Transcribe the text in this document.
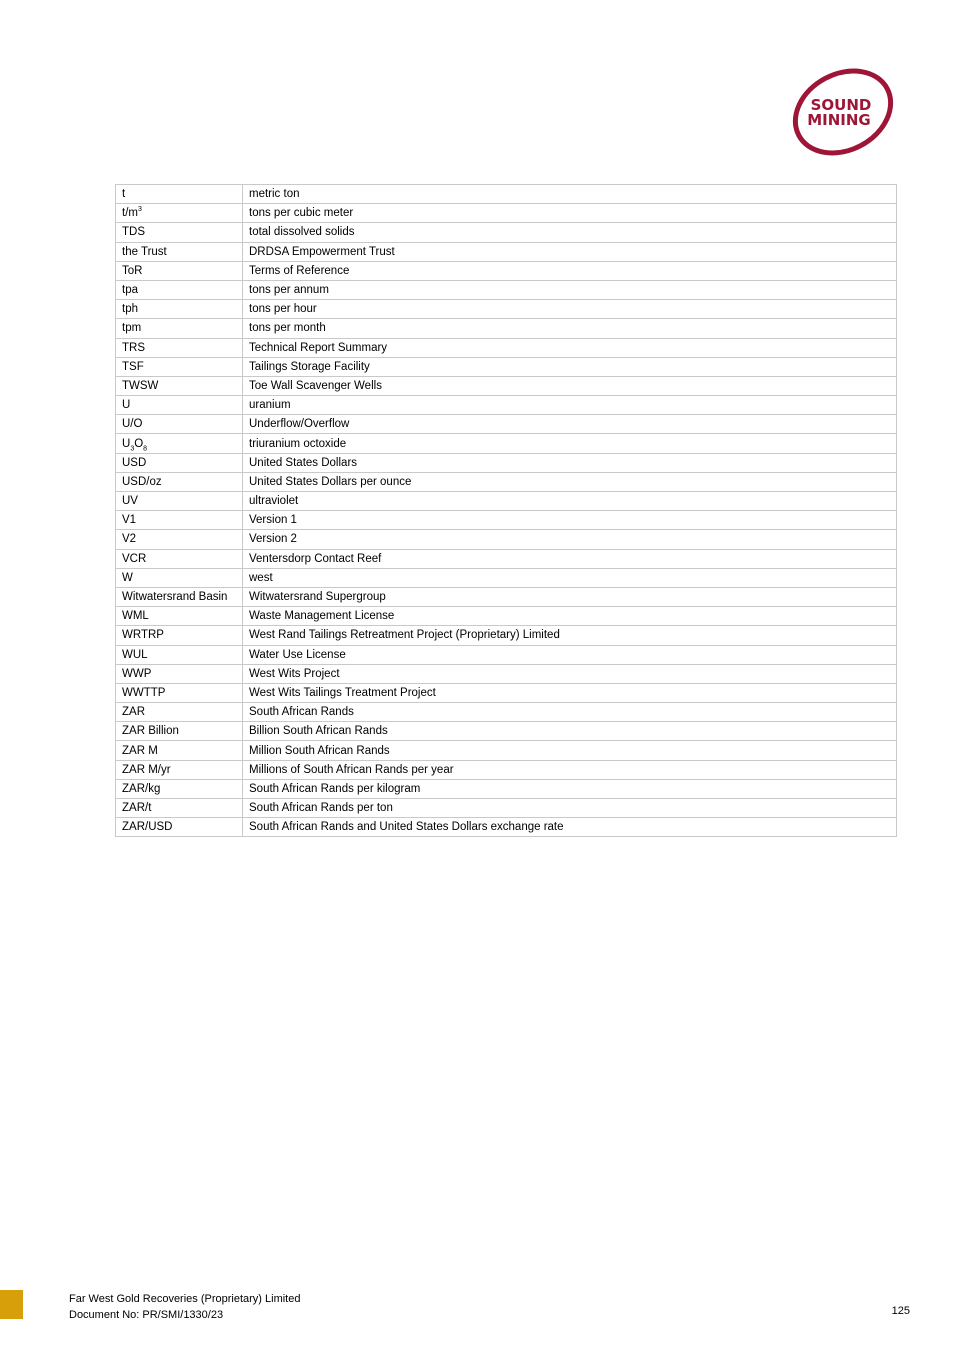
SOUND
MINING
t	metric ton
$t/m^3$	tons per cubic meter
TDS	total dissolved solids
the Trust	DRDSA Empowerment Trust
ToR	Terms of Reference
tpa	tons per annum
tph	tons per hour
tpm	tons per month
TRS	Technical Report Summary
TSF	Tailings Storage Facility
TWSW	Toe Wall Scavenger Wells
U	uranium
U/O	Underflow/Overflow
$U_3O_8$	triuranium octoxide
USD	United States Dollars
USD/oz	United States Dollars per ounce
UV	ultraviolet
V1	Version 1
V2	Version 2
VCR	Ventersdorp Contact Reef
W	west
Witwatersrand Basin	Witwatersrand Supergroup
WML	Waste Management License
WRTRP	West Rand Tailings Retreatment Project (Proprietary) Limited
WUL	Water Use License
WWP	West Wits Project
WWTTP	West Wits Tailings Treatment Project
ZAR	South African Rands
ZAR Billion	Billion South African Rands
ZAR M	Million South African Rands
ZAR M/yr	Millions of South African Rands per year
ZAR/kg	South African Rands per kilogram
ZAR/t	South African Rands per ton
ZAR/USD	South African Rands and United States Dollars exchange rate
Far West Gold Recoveries (Proprietary) Limited
Document No: PR/SMI/1330/23	125
